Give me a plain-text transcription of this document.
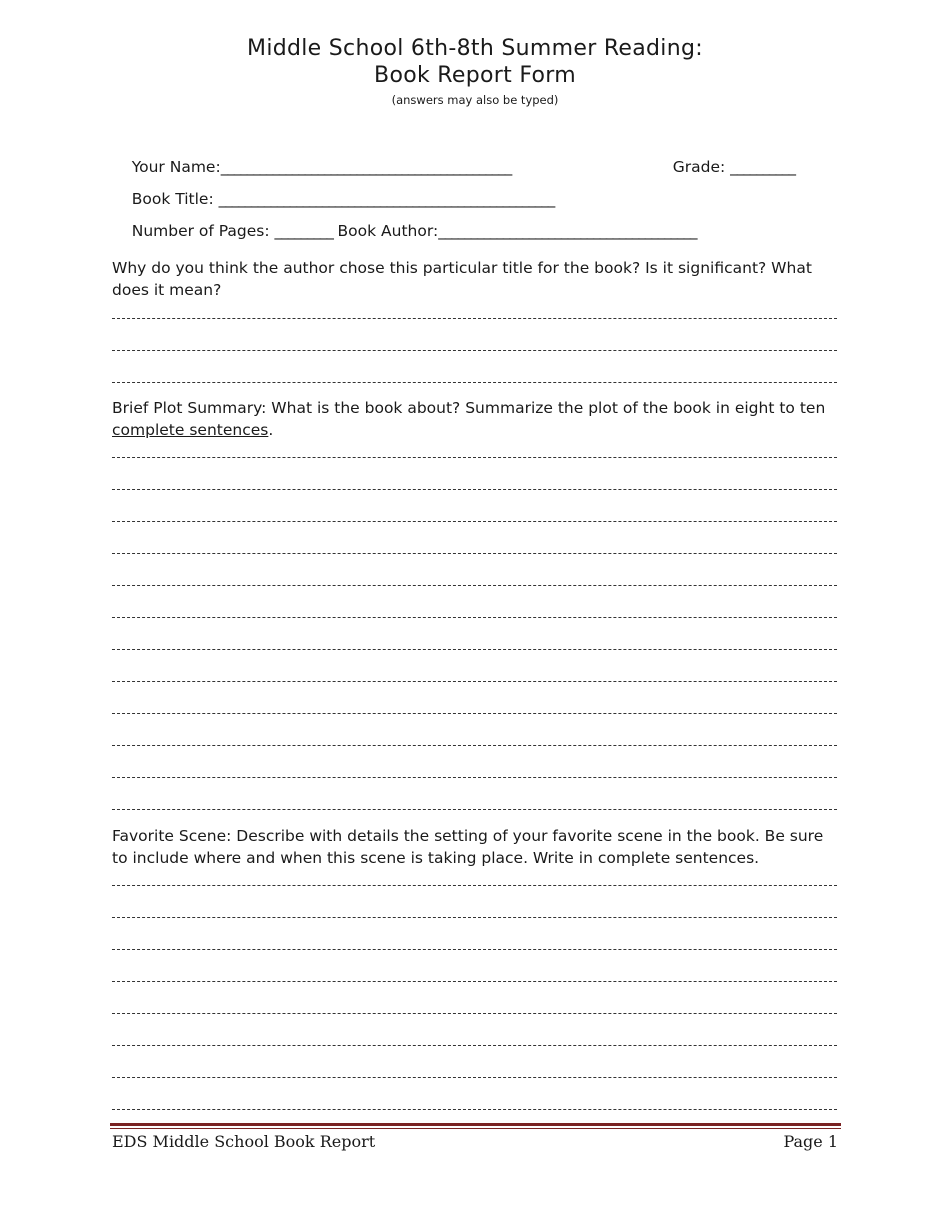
Middle School 6th-8th Summer Reading:
Book Report Form
(answers may also be typed)

Your Name:_____________________________________________
	Grade: __________

Book Title: ____________________________________________________

Number of Pages: _________ Book Author:________________________________________

Why do you think the author chose this particular title for the book? Is it significant? What does it mean?
Brief Plot Summary: What is the book about? Summarize the plot of the book in eight to ten complete sentences.
Favorite Scene: Describe with details the setting of your favorite scene in the book. Be sure to include where and when this scene is taking place. Write in complete sentences.
EDS Middle School Book Report	Page 1
